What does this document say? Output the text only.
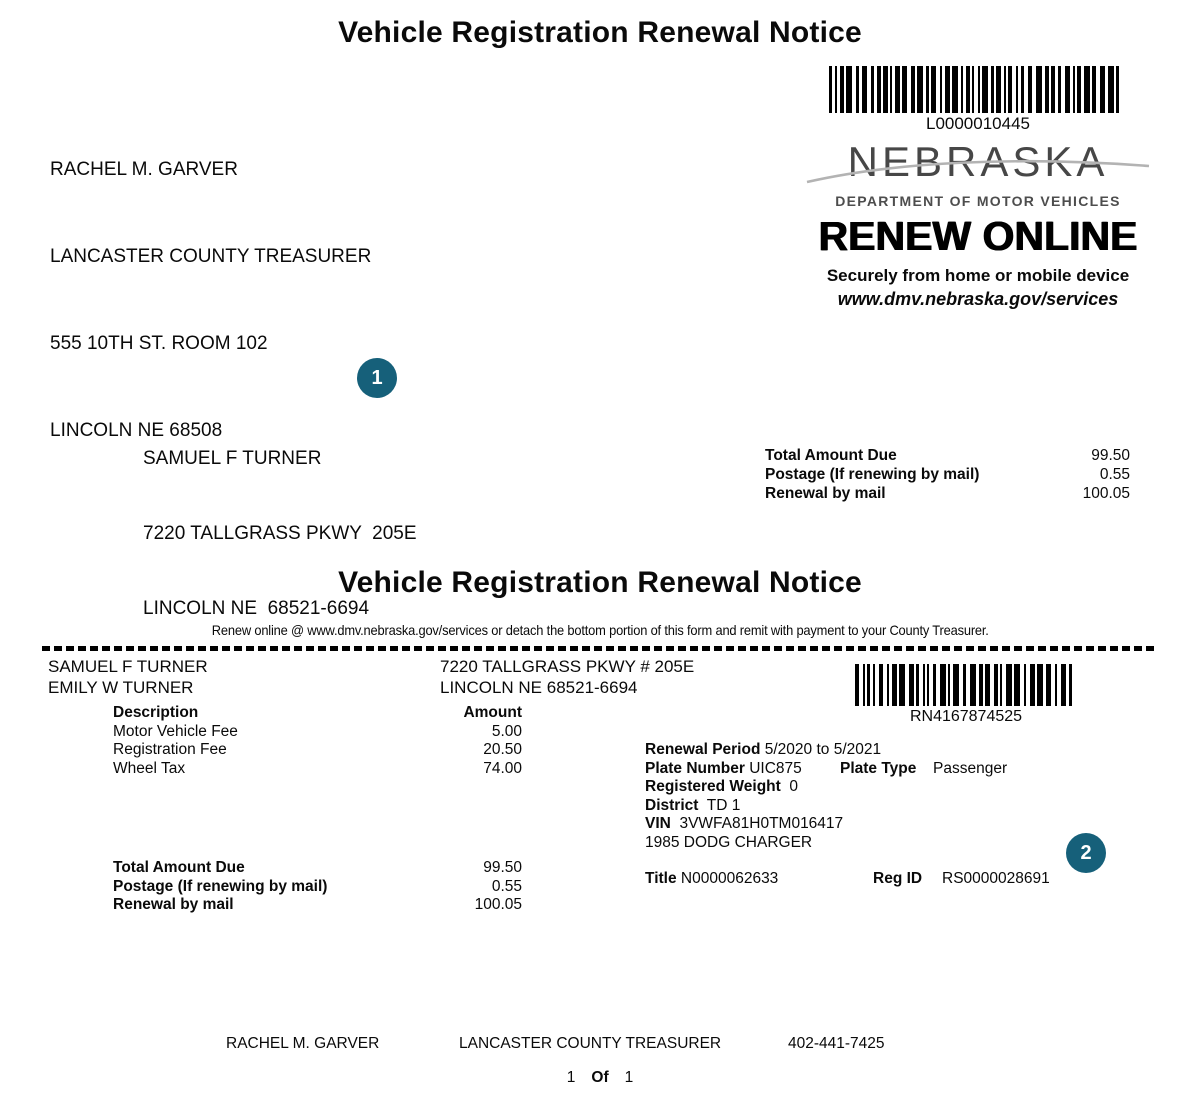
Vehicle Registration Renewal Notice

RACHEL M. GARVER

LANCASTER COUNTY TREASURER

555 10TH ST. ROOM 102

LINCOLN NE 68508

L0000010445
NEBRASKA
DEPARTMENT OF MOTOR VEHICLES
RENEW ONLINE
Securely from home or mobile device
www.dmv.nebraska.gov/services
1

SAMUEL F TURNER

7220 TALLGRASS PKWY  205E

LINCOLN NE  68521-6694

Total Amount Due	99.50
Postage (If renewing by mail)	0.55
Renewal by mail	100.05
Vehicle Registration Renewal Notice
Renew online @ www.dmv.nebraska.gov/services or detach the bottom portion of this form and remit with payment to your County Treasurer.
SAMUEL F TURNER
EMILY W TURNER
7220 TALLGRASS PKWY # 205E
LINCOLN NE 68521-6694
RN4167874525
Description	Amount
Motor Vehicle Fee	5.00
Registration Fee	20.50
Wheel Tax	74.00
Renewal Period 5/2020 to 5/2021
Plate Number UIC875 Plate Type Passenger
Registered Weight 0
District TD 1
VIN 3VWFA81H0TM016417
1985 DODG CHARGER	2
Title N0000062633	Reg ID RS0000028691
Total Amount Due	99.50
Postage (If renewing by mail)	0.55
Renewal by mail	100.05
RACHEL M. GARVER	LANCASTER COUNTY TREASURER	402-441-7425
1 Of 1
